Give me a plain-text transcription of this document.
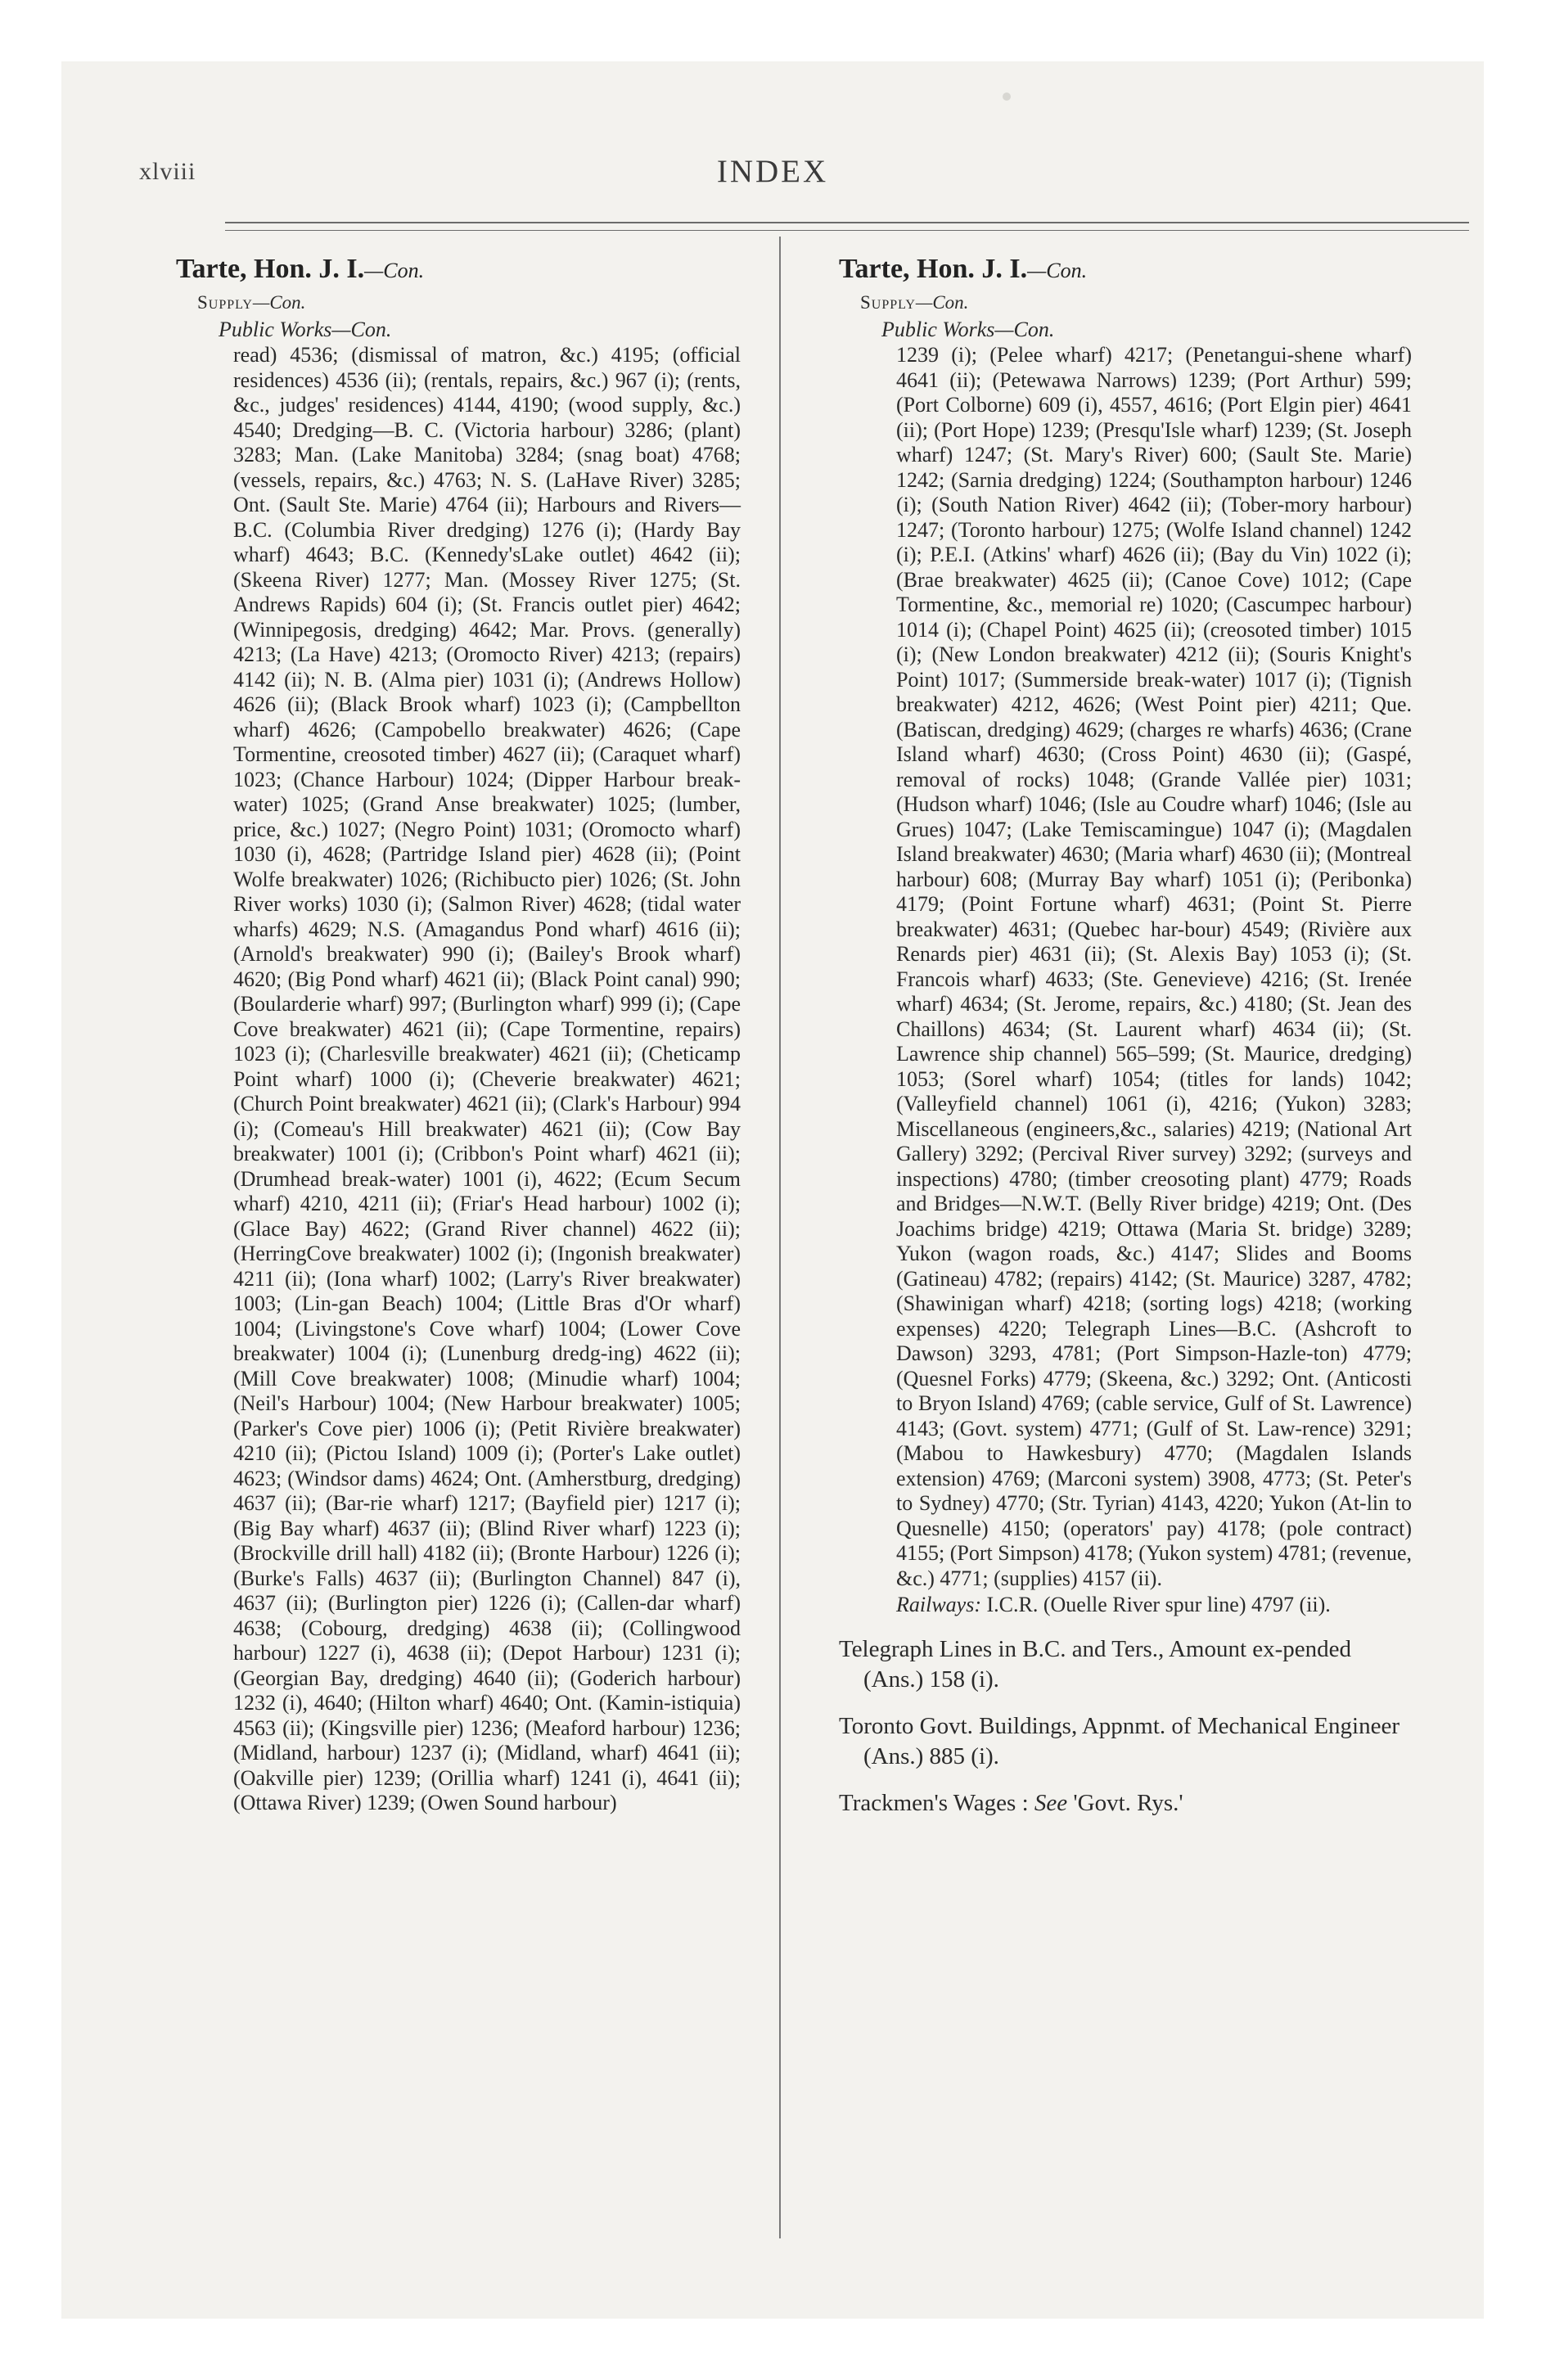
xlviii	INDEX
Tarte, Hon. J. I.—Con.
Supply—Con.
Public Works—Con.
read) 4536; (dismissal of matron, &c.) 4195; (official residences) 4536 (ii); (rentals, repairs, &c.) 967 (i); (rents, &c., judges' residences) 4144, 4190; (wood supply, &c.) 4540; Dredging—B. C. (Victoria harbour) 3286; (plant) 3283; Man. (Lake Manitoba) 3284; (snag boat) 4768; (vessels, repairs, &c.) 4763; N. S. (LaHave River) 3285; Ont. (Sault Ste. Marie) 4764 (ii); Harbours and Rivers—B.C. (Columbia River dredging) 1276 (i); (Hardy Bay wharf) 4643; B.C. (Kennedy'sLake outlet) 4642 (ii); (Skeena River) 1277; Man. (Mossey River 1275; (St. Andrews Rapids) 604 (i); (St. Francis outlet pier) 4642; (Winnipegosis, dredging) 4642; Mar. Provs. (generally) 4213; (La Have) 4213; (Oromocto River) 4213; (repairs) 4142 (ii); N. B. (Alma pier) 1031 (i); (Andrews Hollow) 4626 (ii); (Black Brook wharf) 1023 (i); (Campbellton wharf) 4626; (Campobello breakwater) 4626; (Cape Tormentine, creosoted timber) 4627 (ii); (Caraquet wharf) 1023; (Chance Harbour) 1024; (Dipper Harbour break-water) 1025; (Grand Anse breakwater) 1025; (lumber, price, &c.) 1027; (Negro Point) 1031; (Oromocto wharf) 1030 (i), 4628; (Partridge Island pier) 4628 (ii); (Point Wolfe breakwater) 1026; (Richibucto pier) 1026; (St. John River works) 1030 (i); (Salmon River) 4628; (tidal water wharfs) 4629; N.S. (Amagandus Pond wharf) 4616 (ii); (Arnold's breakwater) 990 (i); (Bailey's Brook wharf) 4620; (Big Pond wharf) 4621 (ii); (Black Point canal) 990; (Boularderie wharf) 997; (Burlington wharf) 999 (i); (Cape Cove breakwater) 4621 (ii); (Cape Tormentine, repairs) 1023 (i); (Charlesville breakwater) 4621 (ii); (Cheticamp Point wharf) 1000 (i); (Cheverie breakwater) 4621; (Church Point breakwater) 4621 (ii); (Clark's Harbour) 994 (i); (Comeau's Hill breakwater) 4621 (ii); (Cow Bay breakwater) 1001 (i); (Cribbon's Point wharf) 4621 (ii); (Drumhead break-water) 1001 (i), 4622; (Ecum Secum wharf) 4210, 4211 (ii); (Friar's Head harbour) 1002 (i); (Glace Bay) 4622; (Grand River channel) 4622 (ii); (HerringCove breakwater) 1002 (i); (Ingonish breakwater) 4211 (ii); (Iona wharf) 1002; (Larry's River breakwater) 1003; (Lin-gan Beach) 1004; (Little Bras d'Or wharf) 1004; (Livingstone's Cove wharf) 1004; (Lower Cove breakwater) 1004 (i); (Lunenburg dredg-ing) 4622 (ii); (Mill Cove breakwater) 1008; (Minudie wharf) 1004; (Neil's Harbour) 1004; (New Harbour breakwater) 1005; (Parker's Cove pier) 1006 (i); (Petit Rivière breakwater) 4210 (ii); (Pictou Island) 1009 (i); (Porter's Lake outlet) 4623; (Windsor dams) 4624; Ont. (Amherstburg, dredging) 4637 (ii); (Bar-rie wharf) 1217; (Bayfield pier) 1217 (i); (Big Bay wharf) 4637 (ii); (Blind River wharf) 1223 (i); (Brockville drill hall) 4182 (ii); (Bronte Harbour) 1226 (i); (Burke's Falls) 4637 (ii); (Burlington Channel) 847 (i), 4637 (ii); (Burlington pier) 1226 (i); (Callen-dar wharf) 4638; (Cobourg, dredging) 4638 (ii); (Collingwood harbour) 1227 (i), 4638 (ii); (Depot Harbour) 1231 (i); (Georgian Bay, dredging) 4640 (ii); (Goderich harbour) 1232 (i), 4640; (Hilton wharf) 4640; Ont. (Kamin-istiquia) 4563 (ii); (Kingsville pier) 1236; (Meaford harbour) 1236; (Midland, harbour) 1237 (i); (Midland, wharf) 4641 (ii); (Oakville pier) 1239; (Orillia wharf) 1241 (i), 4641 (ii); (Ottawa River) 1239; (Owen Sound harbour)
Tarte, Hon. J. I.—Con.
Supply—Con.
Public Works—Con.
1239 (i); (Pelee wharf) 4217; (Penetangui-shene wharf) 4641 (ii); (Petewawa Narrows) 1239; (Port Arthur) 599; (Port Colborne) 609 (i), 4557, 4616; (Port Elgin pier) 4641 (ii); (Port Hope) 1239; (Presqu'Isle wharf) 1239; (St. Joseph wharf) 1247; (St. Mary's River) 600; (Sault Ste. Marie) 1242; (Sarnia dredging) 1224; (Southampton harbour) 1246 (i); (South Nation River) 4642 (ii); (Tober-mory harbour) 1247; (Toronto harbour) 1275; (Wolfe Island channel) 1242 (i); P.E.I. (Atkins' wharf) 4626 (ii); (Bay du Vin) 1022 (i); (Brae breakwater) 4625 (ii); (Canoe Cove) 1012; (Cape Tormentine, &c., memorial re) 1020; (Cascumpec harbour) 1014 (i); (Chapel Point) 4625 (ii); (creosoted timber) 1015 (i); (New London breakwater) 4212 (ii); (Souris Knight's Point) 1017; (Summerside break-water) 1017 (i); (Tignish breakwater) 4212, 4626; (West Point pier) 4211; Que. (Batiscan, dredging) 4629; (charges re wharfs) 4636; (Crane Island wharf) 4630; (Cross Point) 4630 (ii); (Gaspé, removal of rocks) 1048; (Grande Vallée pier) 1031; (Hudson wharf) 1046; (Isle au Coudre wharf) 1046; (Isle au Grues) 1047; (Lake Temiscamingue) 1047 (i); (Magdalen Island breakwater) 4630; (Maria wharf) 4630 (ii); (Montreal harbour) 608; (Murray Bay wharf) 1051 (i); (Peribonka) 4179; (Point Fortune wharf) 4631; (Point St. Pierre breakwater) 4631; (Quebec har-bour) 4549; (Rivière aux Renards pier) 4631 (ii); (St. Alexis Bay) 1053 (i); (St. Francois wharf) 4633; (Ste. Genevieve) 4216; (St. Irenée wharf) 4634; (St. Jerome, repairs, &c.) 4180; (St. Jean des Chaillons) 4634; (St. Laurent wharf) 4634 (ii); (St. Lawrence ship channel) 565–599; (St. Maurice, dredging) 1053; (Sorel wharf) 1054; (titles for lands) 1042; (Valleyfield channel) 1061 (i), 4216; (Yukon) 3283; Miscellaneous (engineers,&c., salaries) 4219; (National Art Gallery) 3292; (Percival River survey) 3292; (surveys and inspections) 4780; (timber creosoting plant) 4779; Roads and Bridges—N.W.T. (Belly River bridge) 4219; Ont. (Des Joachims bridge) 4219; Ottawa (Maria St. bridge) 3289; Yukon (wagon roads, &c.) 4147; Slides and Booms (Gatineau) 4782; (repairs) 4142; (St. Maurice) 3287, 4782; (Shawinigan wharf) 4218; (sorting logs) 4218; (working expenses) 4220; Telegraph Lines—B.C. (Ashcroft to Dawson) 3293, 4781; (Port Simpson-Hazle-ton) 4779; (Quesnel Forks) 4779; (Skeena, &c.) 3292; Ont. (Anticosti to Bryon Island) 4769; (cable service, Gulf of St. Lawrence) 4143; (Govt. system) 4771; (Gulf of St. Law-rence) 3291; (Mabou to Hawkesbury) 4770; (Magdalen Islands extension) 4769; (Marconi system) 3908, 4773; (St. Peter's to Sydney) 4770; (Str. Tyrian) 4143, 4220; Yukon (At-lin to Quesnelle) 4150; (operators' pay) 4178; (pole contract) 4155; (Port Simpson) 4178; (Yukon system) 4781; (revenue, &c.) 4771; (supplies) 4157 (ii).
Railways: I.C.R. (Ouelle River spur line) 4797 (ii).
Telegraph Lines in B.C. and Ters., Amount ex-pended (Ans.) 158 (i).
Toronto Govt. Buildings, Appnmt. of Mechanical Engineer (Ans.) 885 (i).
Trackmen's Wages : See 'Govt. Rys.'
